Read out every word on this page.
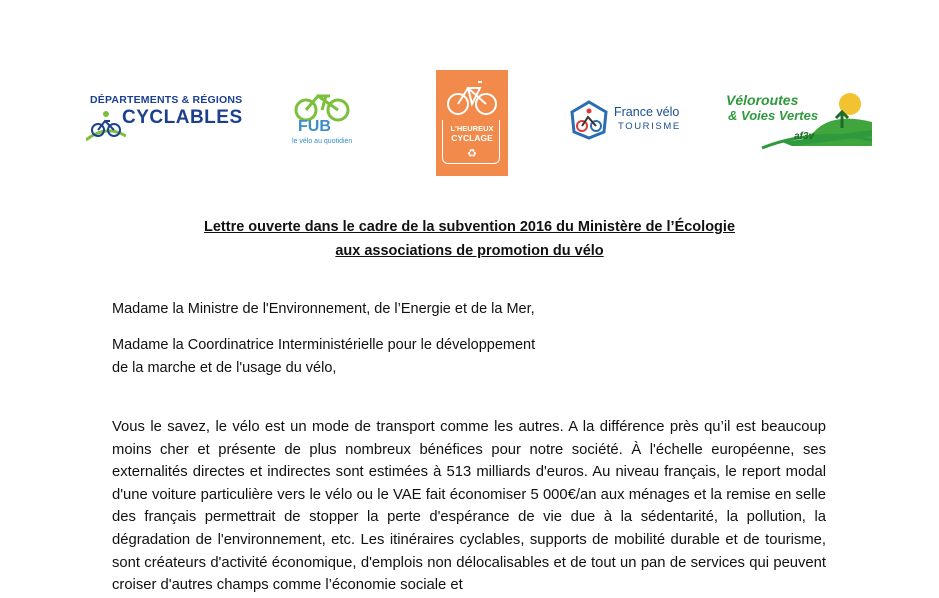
DÉPARTEMENTS & RÉGIONS
CYCLABLES	FUB
le vélo au quotidien
L'HEUREUX
CYCLAGE
♻
France vélo
TOURISME
Véloroutes
& Voies Vertes
af3v
Lettre ouverte dans le cadre de la subvention 2016 du Ministère de l’Écologie
aux associations de promotion du vélo
Madame la Ministre de l'Environnement, de l’Energie et de la Mer,
Madame la Coordinatrice Interministérielle pour le développement
de la marche et de l'usage du vélo,
Vous le savez, le vélo est un mode de transport comme les autres. A la différence près qu’il est beaucoup moins cher et présente de plus nombreux bénéfices pour notre société. À l'échelle européenne, ses externalités directes et indirectes sont estimées à 513 milliards d'euros. Au niveau français, le report modal d'une voiture particulière vers le vélo ou le VAE fait économiser 5 000€/an aux ménages et la remise en selle des français permettrait de stopper la perte d'espérance de vie due à la sédentarité, la pollution, la dégradation de l'environnement, etc. Les itinéraires cyclables, supports de mobilité durable et de tourisme, sont créateurs d'activité économique, d'emplois non délocalisables et de tout un pan de services qui peuvent croiser d'autres champs comme l’économie sociale et
